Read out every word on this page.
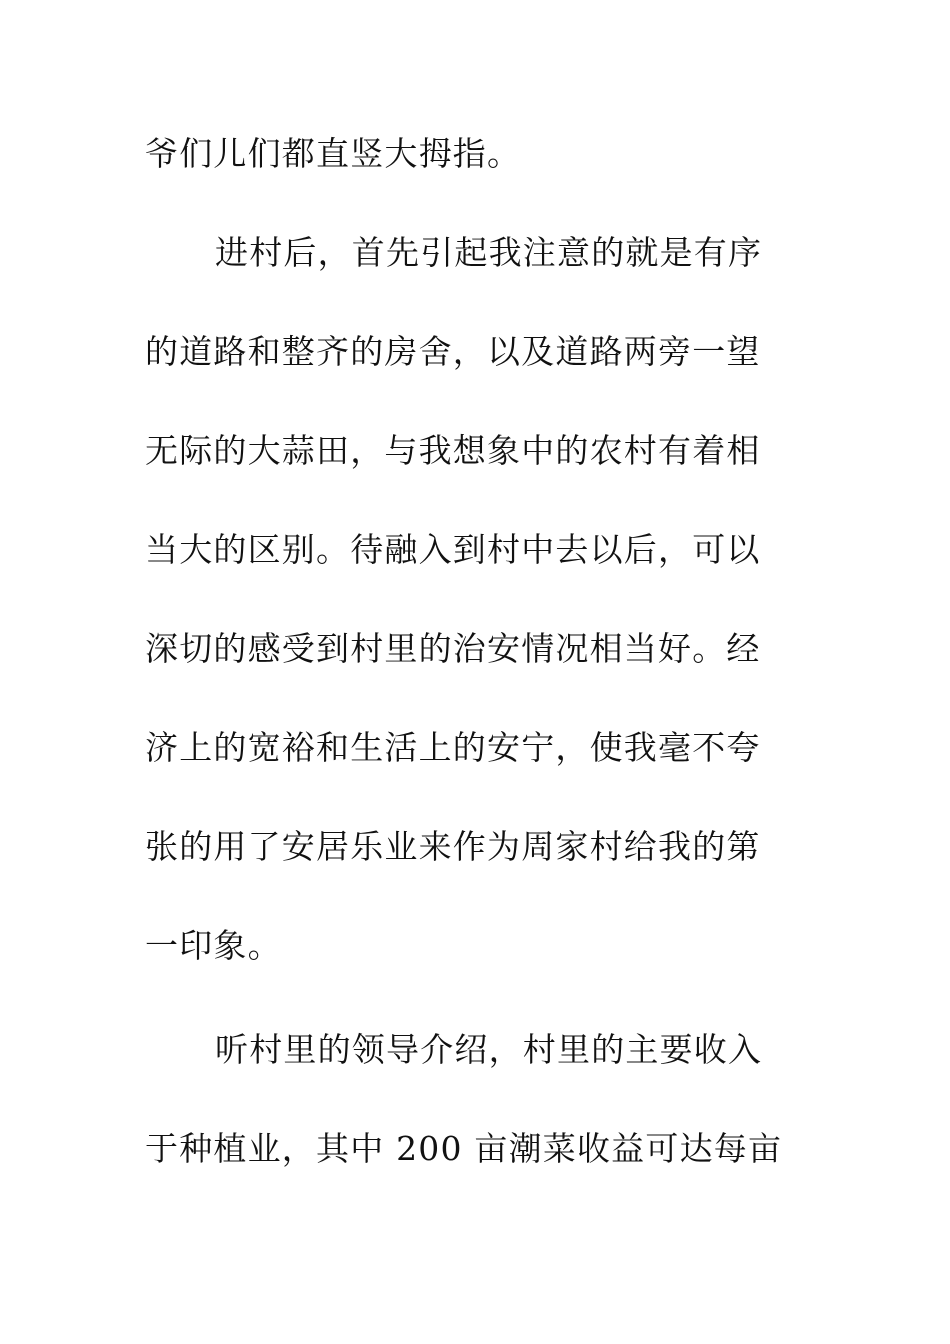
爷们儿们都直竖大拇指。
进村后，首先引起我注意的就是有序
的道路和整齐的房舍，以及道路两旁一望
无际的大蒜田，与我想象中的农村有着相
当大的区别。待融入到村中去以后，可以
深切的感受到村里的治安情况相当好。经
济上的宽裕和生活上的安宁，使我毫不夸
张的用了安居乐业来作为周家村给我的第
一印象。
听村里的领导介绍，村里的主要收入
于种植业，其中 200 亩潮菜收益可达每亩
